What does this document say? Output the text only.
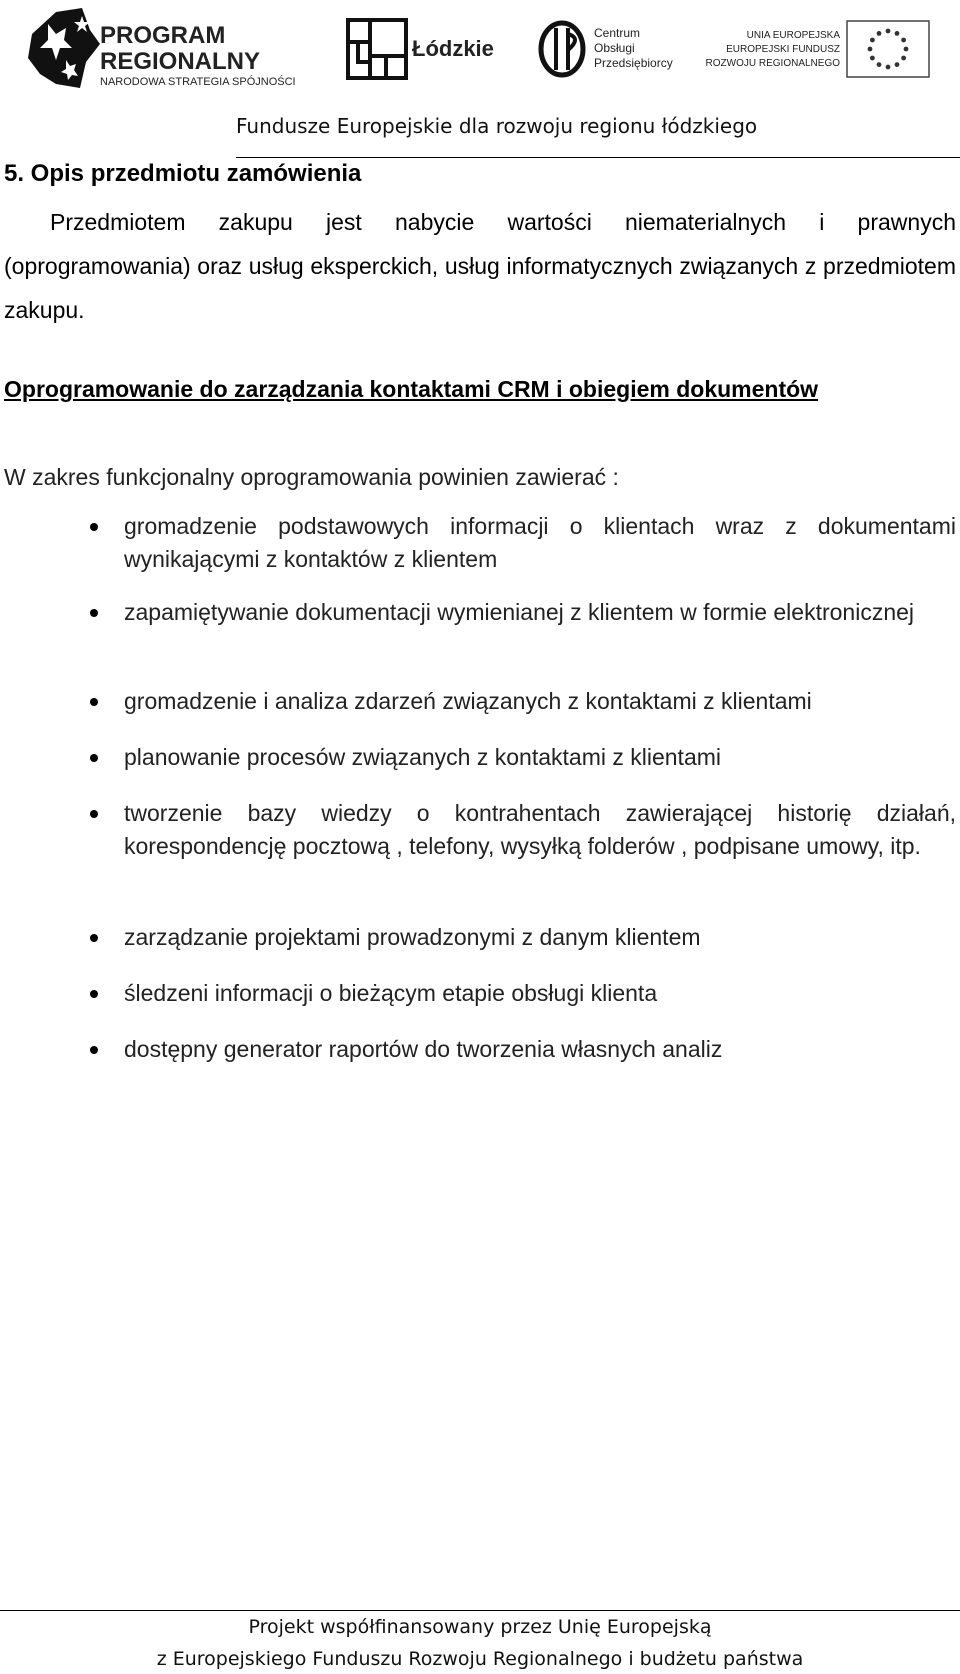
PROGRAM
REGIONALNY
NARODOWA STRATEGIA SPÓJNOŚCI
Łódzkie
Centrum
Obsługi
Przedsiębiorcy
UNIA EUROPEJSKA
EUROPEJSKI FUNDUSZ
ROZWOJU REGIONALNEGO
Fundusze Europejskie dla rozwoju regionu łódzkiego
5. Opis przedmiotu zamówienia

Przedmiotem zakupu jest nabycie wartości niematerialnych i prawnych (oprogramowania) oraz usług eksperckich, usług informatycznych związanych z przedmiotem zakupu.

Oprogramowanie do zarządzania kontaktami CRM i obiegiem dokumentów
W zakres funkcjonalny oprogramowania powinien zawierać :
gromadzenie podstawowych informacji o klientach wraz z dokumentami wynikającymi z kontaktów z klientem
zapamiętywanie dokumentacji wymienianej z klientem w formie elektronicznej
gromadzenie i analiza zdarzeń związanych z kontaktami z klientami
planowanie procesów związanych z kontaktami z klientami
tworzenie bazy wiedzy o kontrahentach zawierającej historię działań, korespondencję pocztową , telefony, wysyłką folderów , podpisane umowy, itp.
zarządzanie projektami prowadzonymi z danym klientem
śledzeni informacji o bieżącym etapie obsługi klienta
dostępny generator raportów do tworzenia własnych analiz
Projekt współfinansowany przez Unię Europejską
z Europejskiego Funduszu Rozwoju Regionalnego i budżetu państwa
